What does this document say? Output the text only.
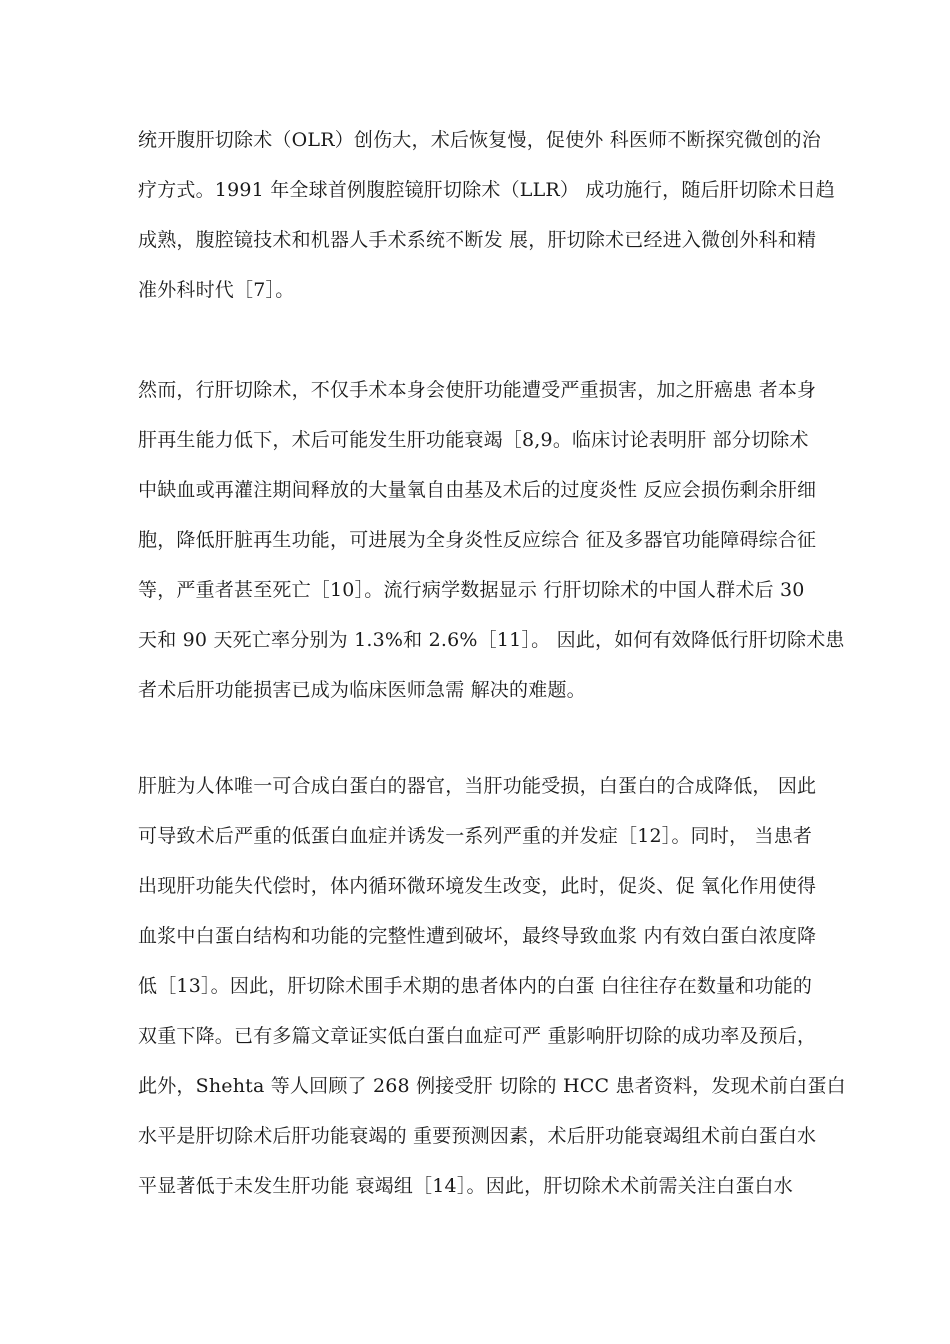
统开腹肝切除术（OLR）创伤大，术后恢复慢，促使外 科医师不断探究微创的治
疗方式。1991 年全球首例腹腔镜肝切除术（LLR） 成功施行，随后肝切除术日趋
成熟，腹腔镜技术和机器人手术系统不断发 展，肝切除术已经进入微创外科和精
准外科时代［7］。
然而，行肝切除术，不仅手术本身会使肝功能遭受严重损害，加之肝癌患 者本身
肝再生能力低下，术后可能发生肝功能衰竭［8,9。临床讨论表明肝 部分切除术
中缺血或再灌注期间释放的大量氧自由基及术后的过度炎性 反应会损伤剩余肝细
胞，降低肝脏再生功能，可进展为全身炎性反应综合 征及多器官功能障碍综合征
等，严重者甚至死亡［10］。流行病学数据显示 行肝切除术的中国人群术后 30
天和 90 天死亡率分别为 1.3%和 2.6%［11］。 因此，如何有效降低行肝切除术患
者术后肝功能损害已成为临床医师急需 解决的难题。
肝脏为人体唯一可合成白蛋白的器官，当肝功能受损，白蛋白的合成降低， 因此
可导致术后严重的低蛋白血症并诱发一系列严重的并发症［12］。同时， 当患者
出现肝功能失代偿时，体内循环微环境发生改变，此时，促炎、促 氧化作用使得
血浆中白蛋白结构和功能的完整性遭到破坏，最终导致血浆 内有效白蛋白浓度降
低［13］。因此，肝切除术围手术期的患者体内的白蛋 白往往存在数量和功能的
双重下降。已有多篇文章证实低白蛋白血症可严 重影响肝切除的成功率及预后，
此外，Shehta 等人回顾了 268 例接受肝 切除的 HCC 患者资料，发现术前白蛋白
水平是肝切除术后肝功能衰竭的 重要预测因素，术后肝功能衰竭组术前白蛋白水
平显著低于未发生肝功能 衰竭组［14］。因此，肝切除术术前需关注白蛋白水
